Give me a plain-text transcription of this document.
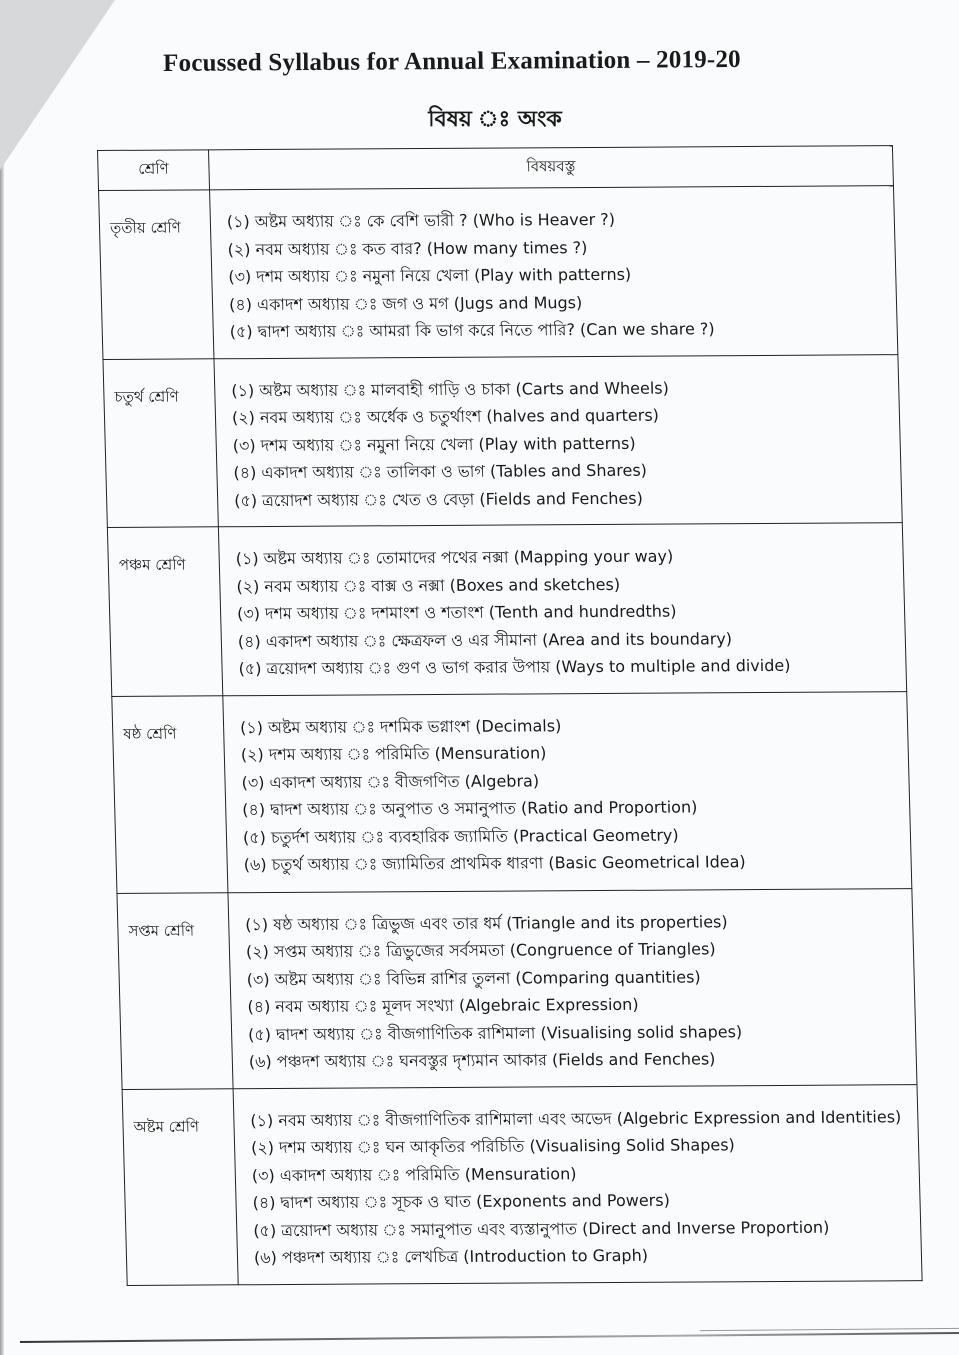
Focussed Syllabus for Annual Examination – 2019-20
বিষয় ঃ অংক
শ্রেণি	বিষয়বস্তু
তৃতীয় শ্রেণি	(১) অষ্টম অধ্যায় ঃ কে বেশি ভারী ? (Who is Heaver ?)
(২) নবম অধ্যায় ঃ কত বার? (How many times ?)
(৩) দশম অধ্যায় ঃ নমুনা নিয়ে খেলা (Play with patterns)
(৪) একাদশ অধ্যায় ঃ জগ ও মগ (Jugs and Mugs)
(৫) দ্বাদশ অধ্যায় ঃ আমরা কি ভাগ করে নিতে পারি? (Can we share ?)

চতুর্থ শ্রেণি	(১) অষ্টম অধ্যায় ঃ মালবাহী গাড়ি ও চাকা (Carts and Wheels)
(২) নবম অধ্যায় ঃ অর্ধেক ও চতুর্থাংশ (halves and quarters)
(৩) দশম অধ্যায় ঃ নমুনা নিয়ে খেলা (Play with patterns)
(৪) একাদশ অধ্যায় ঃ তালিকা ও ভাগ (Tables and Shares)
(৫) ত্রয়োদশ অধ্যায় ঃ খেত ও বেড়া (Fields and Fenches)

পঞ্চম শ্রেণি	(১) অষ্টম অধ্যায় ঃ তোমাদের পথের নক্সা (Mapping your way)
(২) নবম অধ্যায় ঃ বাক্স ও নক্সা (Boxes and sketches)
(৩) দশম অধ্যায় ঃ দশমাংশ ও শতাংশ (Tenth and hundredths)
(৪) একাদশ অধ্যায় ঃ ক্ষেত্রফল ও এর সীমানা (Area and its boundary)
(৫) ত্রয়োদশ অধ্যায় ঃ গুণ ও ভাগ করার উপায় (Ways to multiple and divide)

ষষ্ঠ শ্রেণি	(১) অষ্টম অধ্যায় ঃ দশমিক ভগ্নাংশ (Decimals)
(২) দশম অধ্যায় ঃ পরিমিতি (Mensuration)
(৩) একাদশ অধ্যায় ঃ বীজগণিত (Algebra)
(৪) দ্বাদশ অধ্যায় ঃ অনুপাত ও সমানুপাত (Ratio and Proportion)
(৫) চতুর্দশ অধ্যায় ঃ ব্যবহারিক জ্যামিতি (Practical Geometry)
(৬) চতুর্থ অধ্যায় ঃ জ্যামিতির প্রাথমিক ধারণা (Basic Geometrical Idea)

সপ্তম শ্রেণি	(১) ষষ্ঠ অধ্যায় ঃ ত্রিভুজ এবং তার ধর্ম (Triangle and its properties)
(২) সপ্তম অধ্যায় ঃ ত্রিভুজের সর্বসমতা (Congruence of Triangles)
(৩) অষ্টম অধ্যায় ঃ বিভিন্ন রাশির তুলনা (Comparing quantities)
(৪) নবম অধ্যায় ঃ মূলদ সংখ্যা (Algebraic Expression)
(৫) দ্বাদশ অধ্যায় ঃ বীজগাণিতিক রাশিমালা (Visualising solid shapes)
(৬) পঞ্চদশ অধ্যায় ঃ ঘনবস্তুর দৃশ্যমান আকার (Fields and Fenches)

অষ্টম শ্রেণি	(১) নবম অধ্যায় ঃ বীজগাণিতিক রাশিমালা এবং অভেদ (Algebric Expression and Identities)
(২) দশম অধ্যায় ঃ ঘন আকৃতির পরিচিতি (Visualising Solid Shapes)
(৩) একাদশ অধ্যায় ঃ পরিমিতি (Mensuration)
(৪) দ্বাদশ অধ্যায় ঃ সূচক ও ঘাত (Exponents and Powers)
(৫) ত্রয়োদশ অধ্যায় ঃ সমানুপাত এবং ব্যস্তানুপাত (Direct and Inverse Proportion)
(৬) পঞ্চদশ অধ্যায় ঃ লেখচিত্র (Introduction to Graph)
